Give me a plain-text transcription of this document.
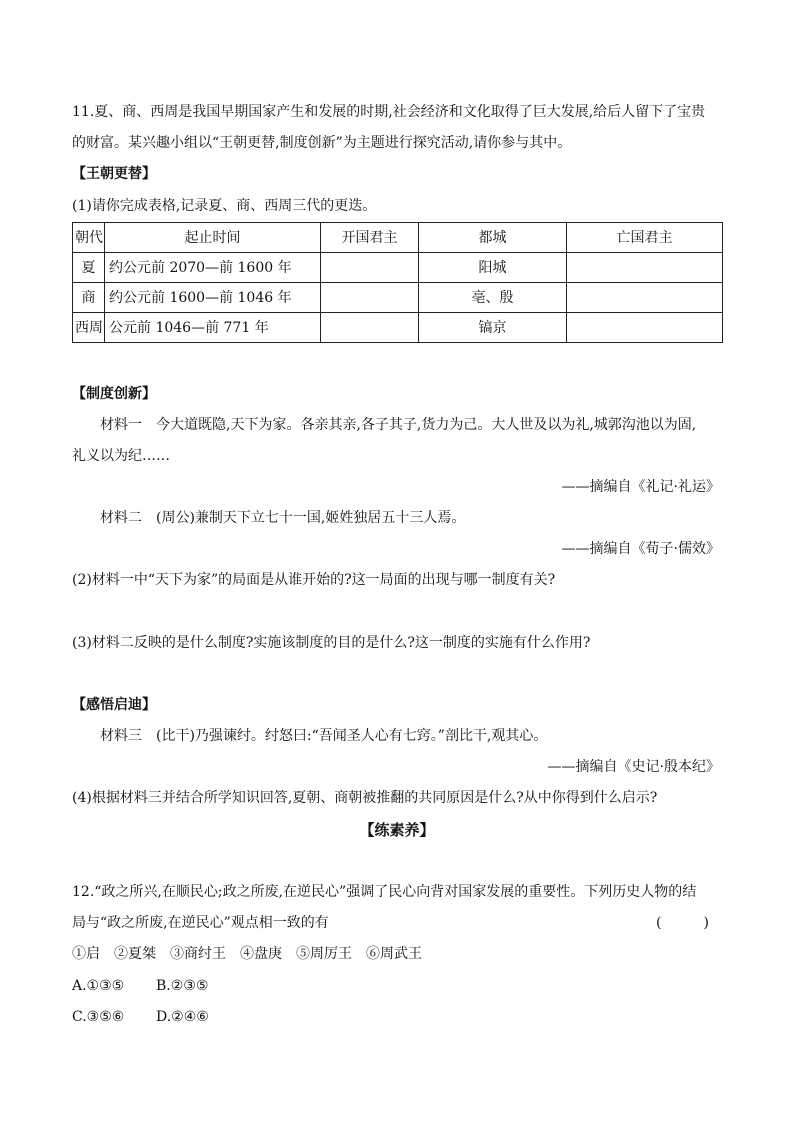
11.夏、商、西周是我国早期国家产生和发展的时期,社会经济和文化取得了巨大发展,给后人留下了宝贵
的财富。某兴趣小组以“王朝更替,制度创新”为主题进行探究活动,请你参与其中。
【王朝更替】
(1)请你完成表格,记录夏、商、西周三代的更迭。
朝代	起止时间	开国君主	都城	亡国君主
夏	约公元前 2070—前 1600 年		阳城	
商	约公元前 1600—前 1046 年		亳、殷	
西周	公元前 1046—前 771 年		镐京	
【制度创新】
材料一　今大道既隐,天下为家。各亲其亲,各子其子,货力为己。大人世及以为礼,城郭沟池以为固,
礼义以为纪……
——摘编自《礼记·礼运》
材料二　(周公)兼制天下立七十一国,姬姓独居五十三人焉。
——摘编自《荀子·儒效》
(2)材料一中“天下为家”的局面是从谁开始的?这一局面的出现与哪一制度有关?
(3)材料二反映的是什么制度?实施该制度的目的是什么?这一制度的实施有什么作用?
【感悟启迪】
材料三　(比干)乃强谏纣。纣怒曰:“吾闻圣人心有七窍。”剖比干,观其心。
——摘编自《史记·殷本纪》
(4)根据材料三并结合所学知识回答,夏朝、商朝被推翻的共同原因是什么?从中你得到什么启示?
【练素养】
12.“政之所兴,在顺民心;政之所废,在逆民心”强调了民心向背对国家发展的重要性。下列历史人物的结
局与“政之所废,在逆民心”观点相一致的有	(　　　)
①启　②夏桀　③商纣王　④盘庚　⑤周厉王　⑥周武王
A.①③⑤ B.②③⑤
C.③⑤⑥ D.②④⑥
